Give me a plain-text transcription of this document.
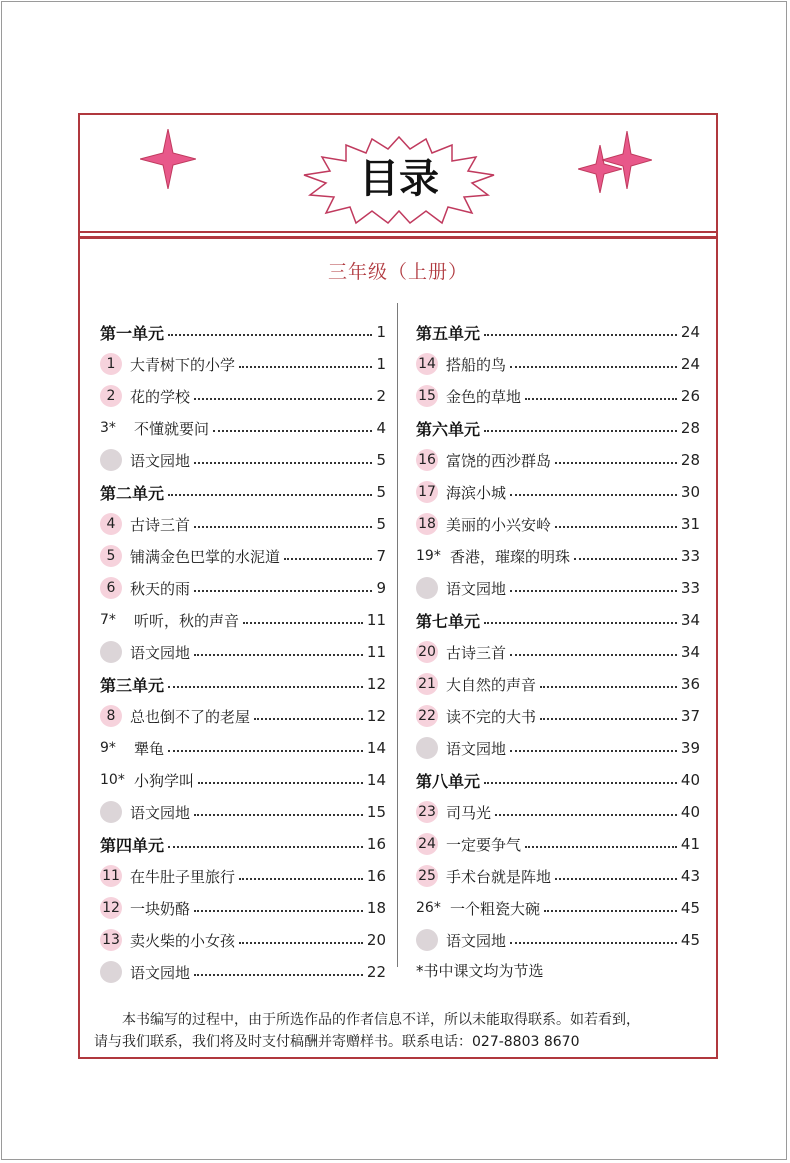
目录
三年级（上册）
第一单元	1
1 大青树下的小学	1
2 花的学校	2
3*	不懂就要问	4
语文园地	5
第二单元	5
4 古诗三首	5
5 铺满金色巴掌的水泥道	7
6 秋天的雨	9
7*	听听，秋的声音	11
语文园地	11
第三单元	12
8 总也倒不了的老屋	12
9*	犟龟	14
10* 小狗学叫	14
语文园地	15
第四单元	16
11 在牛肚子里旅行	16
12 一块奶酪	18
13 卖火柴的小女孩	20
语文园地	22
第五单元	24
14 搭船的鸟	24
15 金色的草地	26
第六单元	28
16 富饶的西沙群岛	28
17 海滨小城	30
18 美丽的小兴安岭	31
19* 香港，璀璨的明珠	33
语文园地	33
第七单元	34
20 古诗三首	34
21 大自然的声音	36
22 读不完的大书	37
语文园地	39
第八单元	40
23 司马光	40
24 一定要争气	41
25 手术台就是阵地	43
26* 一个粗瓷大碗	45
语文园地	45
*书中课文均为节选

本书编写的过程中，由于所选作品的作者信息不详，所以未能取得联系。如若看到，

请与我们联系，我们将及时支付稿酬并寄赠样书。联系电话：027-8803 8670
